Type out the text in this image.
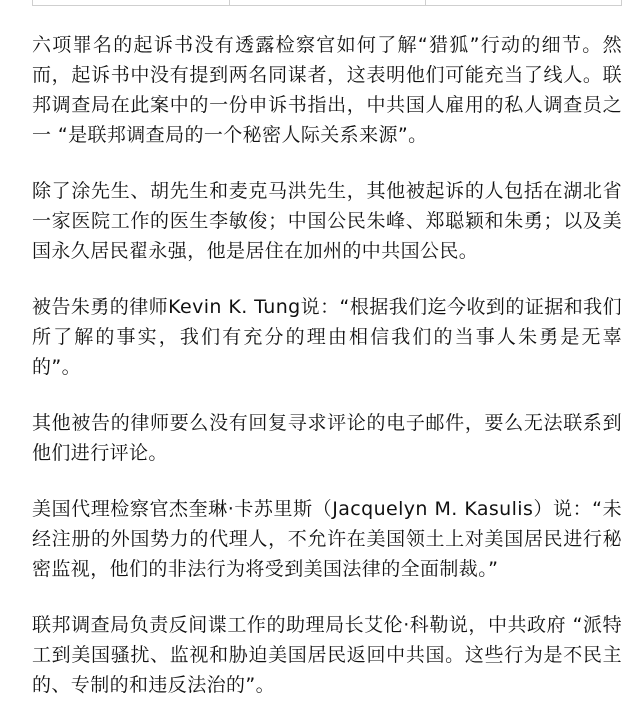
六项罪名的起诉书没有透露检察官如何了解“猎狐”行动的细节。然而，起诉书中没有提到两名同谋者，这表明他们可能充当了线人。联邦调查局在此案中的一份申诉书指出，中共国人雇用的私人调查员之一 “是联邦调查局的一个秘密人际关系来源”。

除了涂先生、胡先生和麦克马洪先生，其他被起诉的人包括在湖北省一家医院工作的医生李敏俊；中国公民朱峰、郑聪颖和朱勇；以及美国永久居民翟永强，他是居住在加州的中共国公民。

被告朱勇的律师Kevin K. Tung说：“根据我们迄今收到的证据和我们所了解的事实，我们有充分的理由相信我们的当事人朱勇是无辜的”。

其他被告的律师要么没有回复寻求评论的电子邮件，要么无法联系到他们进行评论。

美国代理检察官杰奎琳·卡苏里斯（Jacquelyn M. Kasulis）说：“未经注册的外国势力的代理人，不允许在美国领土上对美国居民进行秘密监视，他们的非法行为将受到美国法律的全面制裁。”

联邦调查局负责反间谍工作的助理局长艾伦·科勒说，中共政府 “派特工到美国骚扰、监视和胁迫美国居民返回中共国。这些行为是不民主的、专制的和违反法治的”。
